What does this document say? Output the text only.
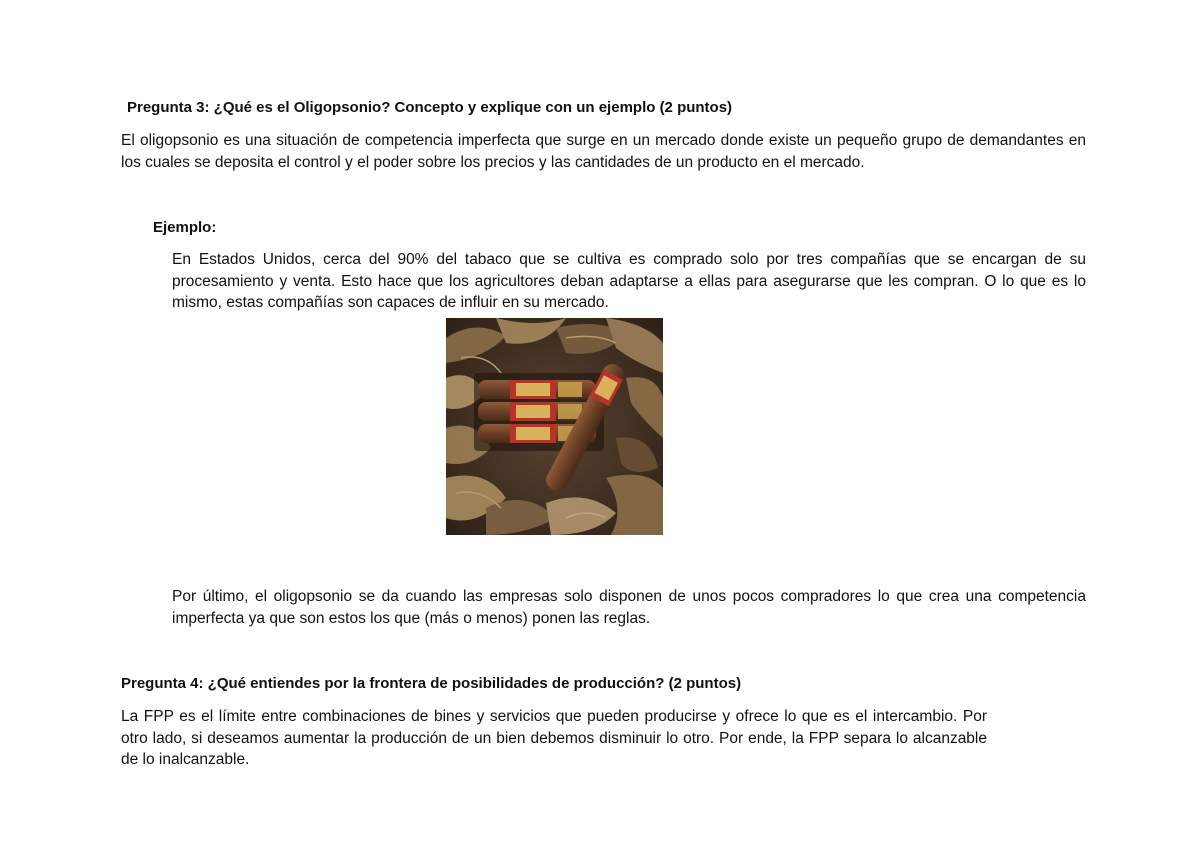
Pregunta 3: ¿Qué es el Oligopsonio? Concepto y explique con un ejemplo (2 puntos)
El oligopsonio es una situación de competencia imperfecta que surge en un mercado donde existe un pequeño grupo de demandantes en los cuales se deposita el control y el poder sobre los precios y las cantidades de un producto en el mercado.
Ejemplo:
En Estados Unidos, cerca del 90% del tabaco que se cultiva es comprado solo por tres compañías que se encargan de su procesamiento y venta. Esto hace que los agricultores deban adaptarse a ellas para asegurarse que les compran. O lo que es lo mismo, estas compañías son capaces de influir en su mercado.
Por último, el oligopsonio se da cuando las empresas solo disponen de unos pocos compradores lo que crea una competencia imperfecta ya que son estos los que (más o menos) ponen las reglas.
Pregunta 4: ¿Qué entiendes por la frontera de posibilidades de producción? (2 puntos)
La FPP es el límite entre combinaciones de bines y servicios que pueden producirse y ofrece lo que es el intercambio. Por otro lado, si deseamos aumentar la producción de un bien debemos disminuir lo otro. Por ende, la FPP separa lo alcanzable de lo inalcanzable.
